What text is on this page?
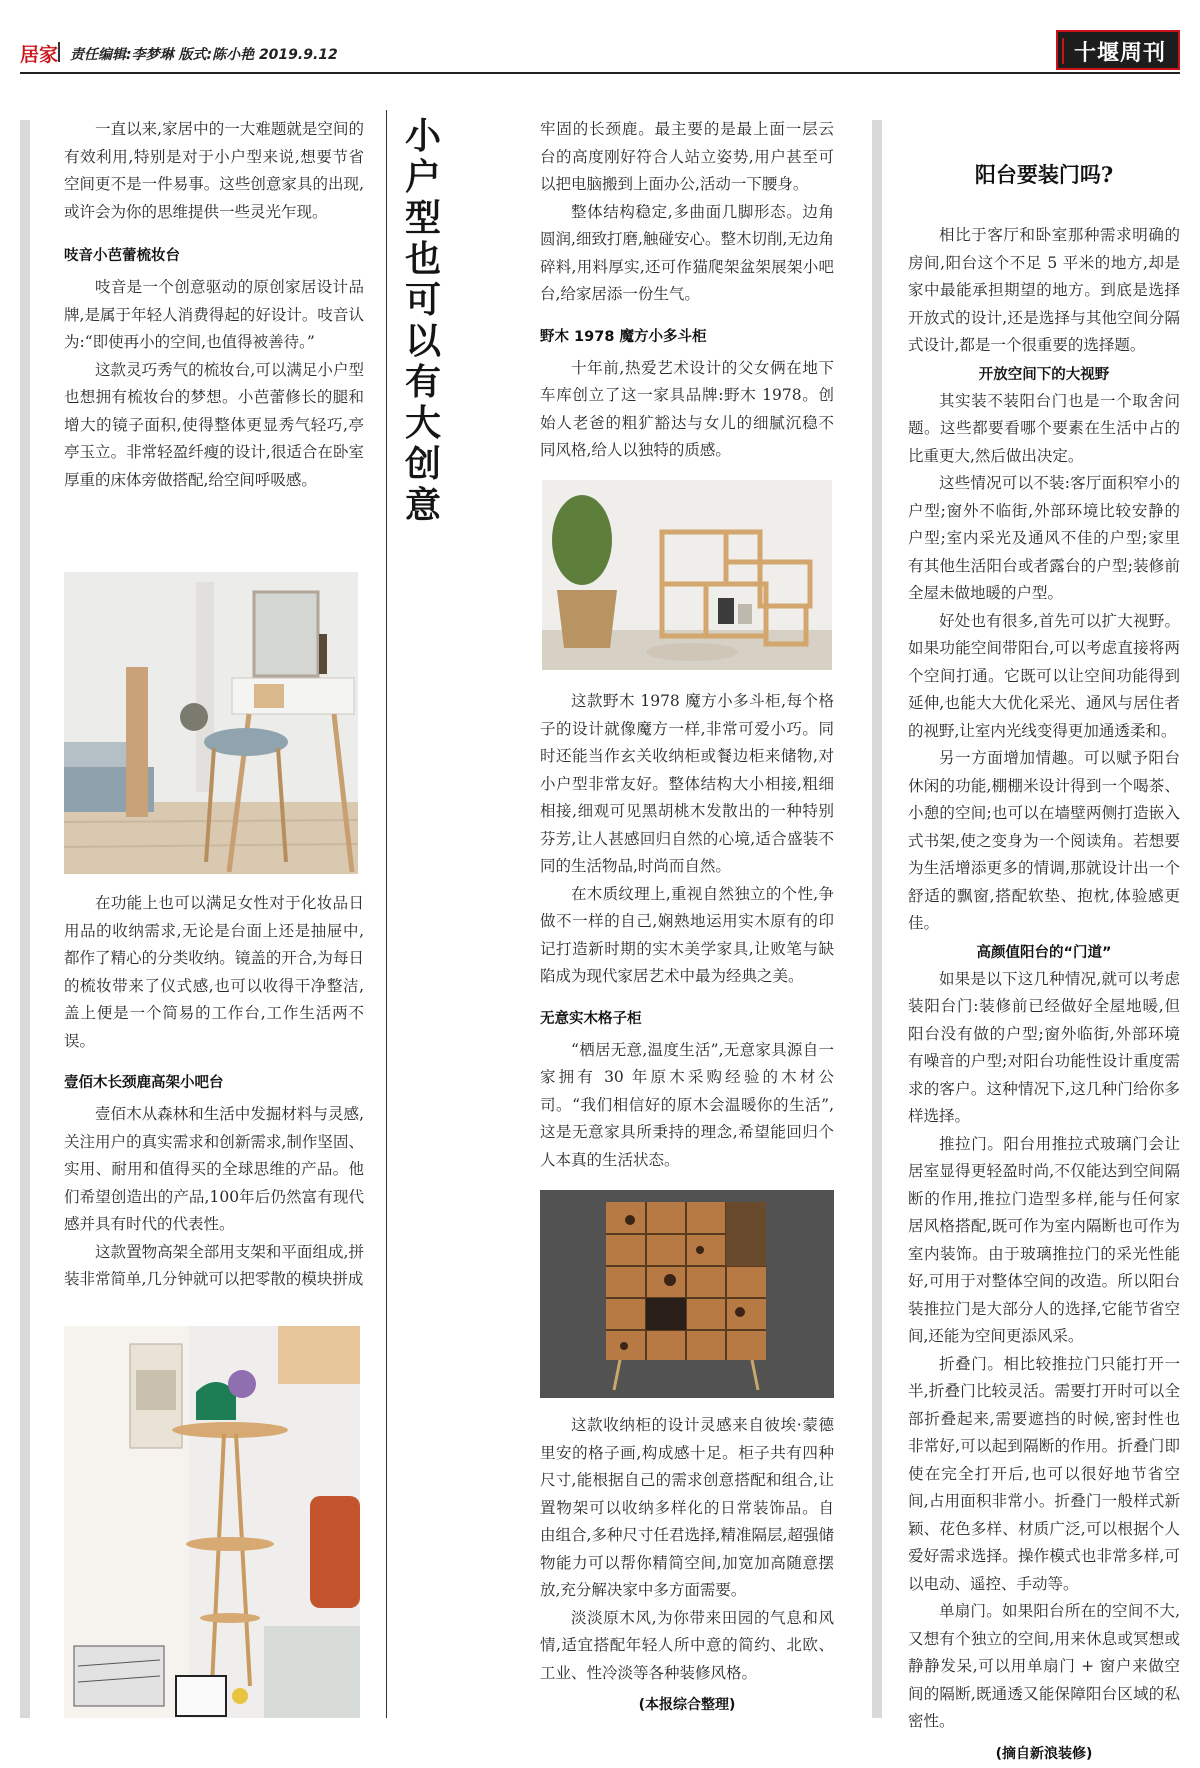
居家 责任编辑:李梦琳 版式:陈小艳 2019.9.12	十堰周刊
小户型也可以有大创意

一直以来,家居中的一大难题就是空间的有效利用,特别是对于小户型来说,想要节省空间更不是一件易事。这些创意家具的出现,或许会为你的思维提供一些灵光乍现。

吱音小芭蕾梳妆台

吱音是一个创意驱动的原创家居设计品牌,是属于年轻人消费得起的好设计。吱音认为:“即使再小的空间,也值得被善待。”

这款灵巧秀气的梳妆台,可以满足小户型也想拥有梳妆台的梦想。小芭蕾修长的腿和增大的镜子面积,使得整体更显秀气轻巧,亭亭玉立。非常轻盈纤瘦的设计,很适合在卧室厚重的床体旁做搭配,给空间呼吸感。

在功能上也可以满足女性对于化妆品日用品的收纳需求,无论是台面上还是抽屉中,都作了精心的分类收纳。镜盖的开合,为每日的梳妆带来了仪式感,也可以收得干净整洁,盖上便是一个简易的工作台,工作生活两不误。

壹佰木长颈鹿高架小吧台

壹佰木从森林和生活中发掘材料与灵感,关注用户的真实需求和创新需求,制作坚固、实用、耐用和值得买的全球思维的产品。他们希望创造出的产品,100年后仍然富有现代感并具有时代的代表性。

这款置物高架全部用支架和平面组成,拼装非常简单,几分钟就可以把零散的模块拼成

牢固的长颈鹿。最主要的是最上面一层云台的高度刚好符合人站立姿势,用户甚至可以把电脑搬到上面办公,活动一下腰身。

整体结构稳定,多曲面几脚形态。边角圆润,细致打磨,触碰安心。整木切削,无边角碎料,用料厚实,还可作猫爬架盆架展架小吧台,给家居添一份生气。

野木 1978 魔方小多斗柜

十年前,热爱艺术设计的父女俩在地下车库创立了这一家具品牌:野木 1978。创始人老爸的粗犷豁达与女儿的细腻沉稳不同风格,给人以独特的质感。

这款野木 1978 魔方小多斗柜,每个格子的设计就像魔方一样,非常可爱小巧。同时还能当作玄关收纳柜或餐边柜来储物,对小户型非常友好。整体结构大小相接,粗细相接,细观可见黑胡桃木发散出的一种特别芬芳,让人甚感回归自然的心境,适合盛装不同的生活物品,时尚而自然。

在木质纹理上,重视自然独立的个性,争做不一样的自己,娴熟地运用实木原有的印记打造新时期的实木美学家具,让败笔与缺陷成为现代家居艺术中最为经典之美。

无意实木格子柜

“栖居无意,温度生活”,无意家具源自一家拥有 30 年原木采购经验的木材公司。“我们相信好的原木会温暖你的生活”,这是无意家具所秉持的理念,希望能回归个人本真的生活状态。

这款收纳柜的设计灵感来自彼埃·蒙德里安的格子画,构成感十足。柜子共有四种尺寸,能根据自己的需求创意搭配和组合,让置物架可以收纳多样化的日常装饰品。自由组合,多种尺寸任君选择,精准隔层,超强储物能力可以帮你精简空间,加宽加高随意摆放,充分解决家中多方面需要。

淡淡原木风,为你带来田园的气息和风情,适宜搭配年轻人所中意的简约、北欧、工业、性冷淡等各种装修风格。

(本报综合整理)
阳台要装门吗?

相比于客厅和卧室那种需求明确的房间,阳台这个不足 5 平米的地方,却是家中最能承担期望的地方。到底是选择开放式的设计,还是选择与其他空间分隔式设计,都是一个很重要的选择题。

开放空间下的大视野

其实装不装阳台门也是一个取舍问题。这些都要看哪个要素在生活中占的比重更大,然后做出决定。

这些情况可以不装:客厅面积窄小的户型;窗外不临街,外部环境比较安静的户型;室内采光及通风不佳的户型;家里有其他生活阳台或者露台的户型;装修前全屋未做地暖的户型。

好处也有很多,首先可以扩大视野。如果功能空间带阳台,可以考虑直接将两个空间打通。它既可以让空间功能得到延伸,也能大大优化采光、通风与居住者的视野,让室内光线变得更加通透柔和。

另一方面增加情趣。可以赋予阳台休闲的功能,棚棚米设计得到一个喝茶、小憩的空间;也可以在墙壁两侧打造嵌入式书架,使之变身为一个阅读角。若想要为生活增添更多的情调,那就设计出一个舒适的飘窗,搭配软垫、抱枕,体验感更佳。

高颜值阳台的“门道”

如果是以下这几种情况,就可以考虑装阳台门:装修前已经做好全屋地暖,但阳台没有做的户型;窗外临街,外部环境有噪音的户型;对阳台功能性设计重度需求的客户。这种情况下,这几种门给你多样选择。

推拉门。阳台用推拉式玻璃门会让居室显得更轻盈时尚,不仅能达到空间隔断的作用,推拉门造型多样,能与任何家居风格搭配,既可作为室内隔断也可作为室内装饰。由于玻璃推拉门的采光性能好,可用于对整体空间的改造。所以阳台装推拉门是大部分人的选择,它能节省空间,还能为空间更添风采。

折叠门。相比较推拉门只能打开一半,折叠门比较灵活。需要打开时可以全部折叠起来,需要遮挡的时候,密封性也非常好,可以起到隔断的作用。折叠门即使在完全打开后,也可以很好地节省空间,占用面积非常小。折叠门一般样式新颖、花色多样、材质广泛,可以根据个人爱好需求选择。操作模式也非常多样,可以电动、遥控、手动等。

单扇门。如果阳台所在的空间不大,又想有个独立的空间,用来休息或冥想或静静发呆,可以用单扇门 + 窗户来做空间的隔断,既通透又能保障阳台区域的私密性。

(摘自新浪装修)
